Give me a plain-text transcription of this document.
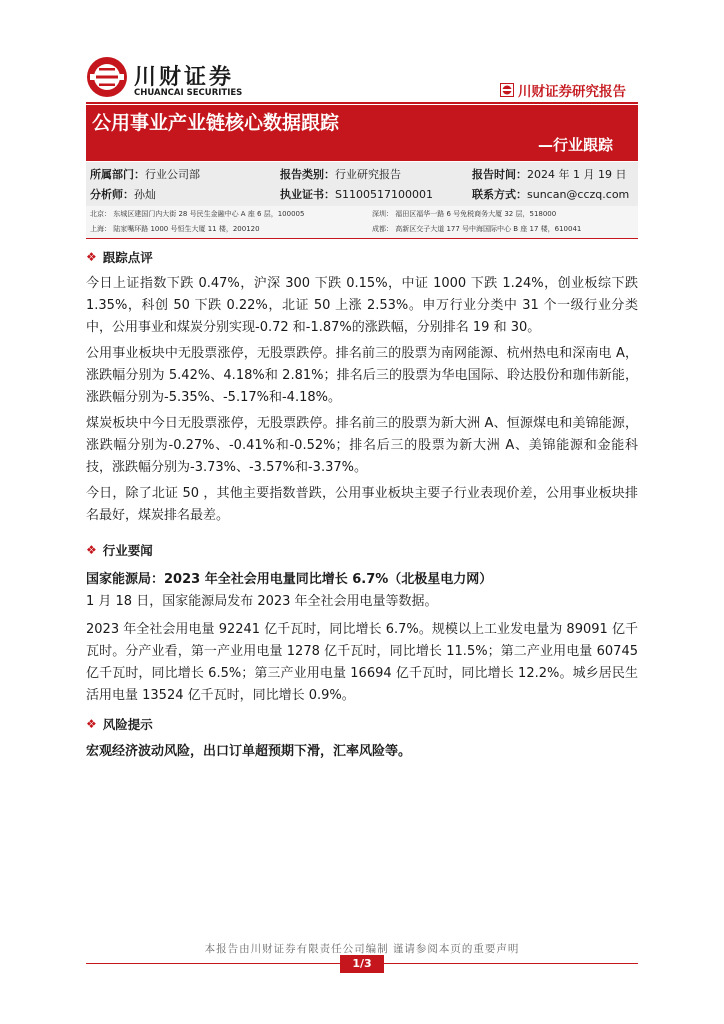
川财证券
CHUANCAI SECURITIES	川财证券研究报告
公用事业产业链核心数据跟踪
—行业跟踪
所属部门：行业公司部	报告类别：行业研究报告	报告时间：2024 年 1 月 19 日
分析师：孙灿	执业证书：S1100517100001	联系方式：suncan@cczq.com
北京： 东城区建国门内大街 28 号民生金融中心 A 座 6 层，100005	深圳： 福田区福华一路 6 号免税商务大厦 32 层，518000
上海： 陆家嘴环路 1000 号恒生大厦 11 楼，200120	成都： 高新区交子大道 177 号中海国际中心 B 座 17 楼，610041
❖ 跟踪点评

今日上证指数下跌 0.47%，沪深 300 下跌 0.15%，中证 1000 下跌 1.24%，创业板综下跌 1.35%，科创 50 下跌 0.22%，北证 50 上涨 2.53%。申万行业分类中 31 个一级行业分类中，公用事业和煤炭分别实现-0.72 和-1.87%的涨跌幅，分别排名 19 和 30。

公用事业板块中无股票涨停，无股票跌停。排名前三的股票为南网能源、杭州热电和深南电 A，涨跌幅分别为 5.42%、4.18%和 2.81%；排名后三的股票为华电国际、聆达股份和珈伟新能，涨跌幅分别为-5.35%、-5.17%和-4.18%。

煤炭板块中今日无股票涨停，无股票跌停。排名前三的股票为新大洲 A、恒源煤电和美锦能源，涨跌幅分别为-0.27%、-0.41%和-0.52%；排名后三的股票为新大洲 A、美锦能源和金能科技，涨跌幅分别为-3.73%、-3.57%和-3.37%。

今日，除了北证 50 ，其他主要指数普跌，公用事业板块主要子行业表现价差，公用事业板块排名最好，煤炭排名最差。

❖ 行业要闻
国家能源局：2023 年全社会用电量同比增长 6.7%（北极星电力网）

1 月 18 日，国家能源局发布 2023 年全社会用电量等数据。

2023 年全社会用电量 92241 亿千瓦时，同比增长 6.7%。规模以上工业发电量为 89091 亿千瓦时。分产业看，第一产业用电量 1278 亿千瓦时，同比增长 11.5%；第二产业用电量 60745 亿千瓦时，同比增长 6.5%；第三产业用电量 16694 亿千瓦时，同比增长 12.2%。城乡居民生活用电量 13524 亿千瓦时，同比增长 0.9%。

❖ 风险提示
宏观经济波动风险，出口订单超预期下滑，汇率风险等。
本报告由川财证券有限责任公司编制 谨请参阅本页的重要声明
1/3
